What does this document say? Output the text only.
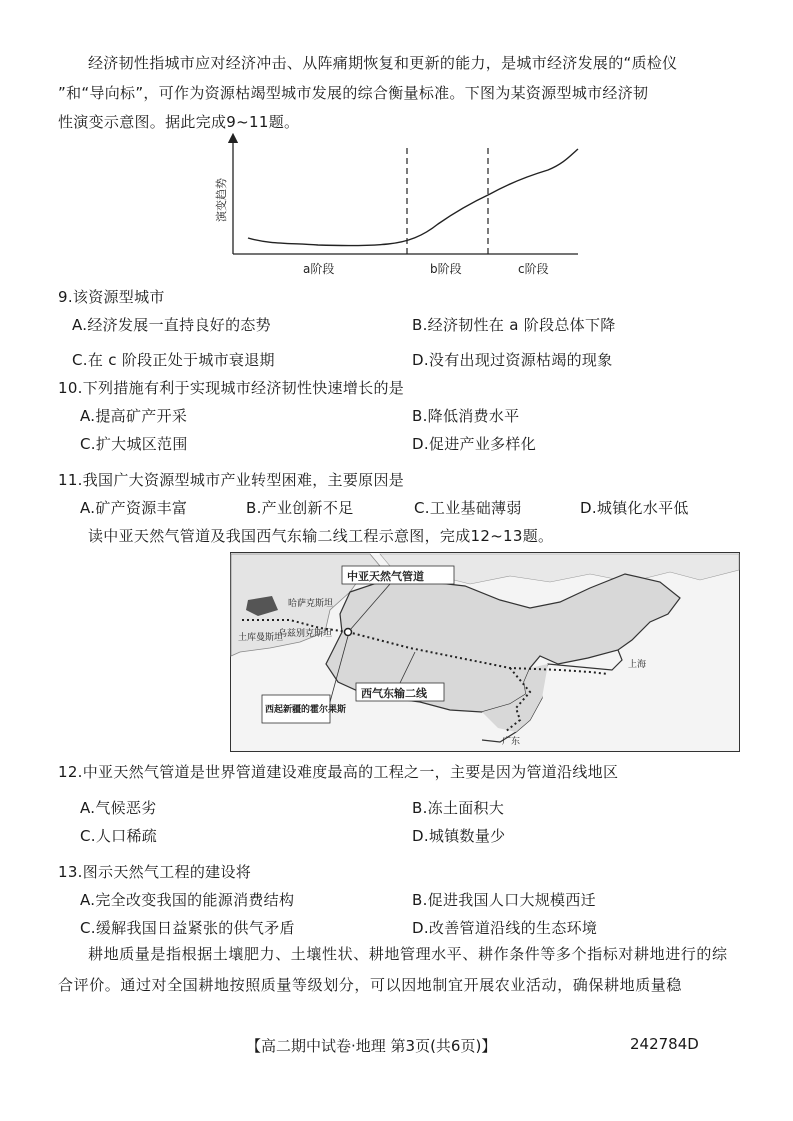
经济韧性指城市应对经济冲击、从阵痛期恢复和更新的能力，是城市经济发展的“质检仪
”和“导向标”，可作为资源枯竭型城市发展的综合衡量标准。下图为某资源型城市经济韧
性演变示意图。据此完成9~11题。
演变趋势
a阶段	b阶段	c阶段
9.该资源型城市
A.经济发展一直持良好的态势	B.经济韧性在 a 阶段总体下降
C.在 c 阶段正处于城市衰退期	D.没有出现过资源枯竭的现象
10.下列措施有利于实现城市经济韧性快速增长的是
A.提高矿产开采	B.降低消费水平
C.扩大城区范围	D.促进产业多样化
11.我国广大资源型城市产业转型困难，主要原因是
A.矿产资源丰富	B.产业创新不足	C.工业基础薄弱	D.城镇化水平低
读中亚天然气管道及我国西气东输二线工程示意图，完成12~13题。
中亚天然气管道
哈萨克斯坦
土库曼斯坦
乌兹别克斯坦
西起新疆的霍尔果斯
西气东输二线
上海
广东
12.中亚天然气管道是世界管道建设难度最高的工程之一，主要是因为管道沿线地区
A.气候恶劣	B.冻土面积大
C.人口稀疏	D.城镇数量少
13.图示天然气工程的建设将
A.完全改变我国的能源消费结构	B.促进我国人口大规模西迁
C.缓解我国日益紧张的供气矛盾	D.改善管道沿线的生态环境
耕地质量是指根据土壤肥力、土壤性状、耕地管理水平、耕作条件等多个指标对耕地进行的综合评价。通过对全国耕地按照质量等级划分，可以因地制宜开展农业活动，确保耕地质量稳
【高二期中试卷·地理 第3页(共6页)】	242784D
